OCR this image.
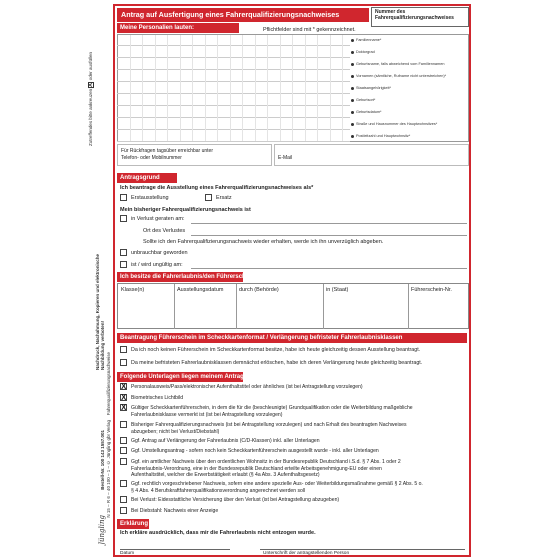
Zutreffendes bitte ankreuzen X oder ausfüllen
Nachdruck, Nachahmung, Kopieren und elektronische Nachbildung verboten!
Bestell-Nr. 100 143 1557.001 N 15 – R 6 – 40 100 – 1 – © Jüngling gbr Verlag
Fahrerqualifizierungsnachweise
Jüngling
Antrag auf Ausfertigung eines Fahrerqualifizierungsnachweises	Nummer des
Fahrerqualifizierungsnachweises
Meine Personalien lauten:	Pflichtfelder sind mit * gekennzeichnet.
Familienname*
Doktorgrad
Geburtsname, falls abweichend vom Familiennamen
Vornamen (sämtliche, Rufname nicht unterstreichen)*
Staatsangehörigkeit*
Geburtsort*
Geburtsdatum*
Straße und Hausnummer des Hauptwohnsitzes*
Postleitzahl und Hauptwohnsitz*
Für Rückfragen tagsüber erreichbar unter
Telefon- oder Mobilnummer	E-Mail
Antragsgrund
Ich beantrage die Ausstellung eines Fahrerqualifizierungsnachweises als*
Erstausstellung	Ersatz
Mein bisheriger Fahrerqualifizierungsnachweis ist
in Verlust geraten am:
Ort des Verlustes
Sollte ich den Fahrerqualifizierungsnachweis wieder erhalten, werde ich ihn unverzüglich abgeben.
unbrauchbar geworden
ist / wird ungültig am:
Ich besitze die Fahrerlaubnis/den Führerschein*
Klasse(n)	Ausstellungsdatum	durch (Behörde)	in (Staat)	Führerschein-Nr.
Beantragung Führerschein im Scheckkartenformat / Verlängerung befristeter Fahrerlaubnisklassen
Da ich noch keinen Führerschein im Scheckkartenformat besitze, habe ich heute gleichzeitig dessen Ausstellung beantragt.
Da meine befristeten Fahrerlaubnisklassen demnächst erlöschen, habe ich deren Verlängerung heute gleichzeitig beantragt.
Folgende Unterlagen liegen meinem Antrag bei
X Personalausweis/Pass/elektronischer Aufenthaltstitel oder ähnliches (ist bei Antragstellung vorzulegen)
X Biometrisches Lichtbild
X Gültiger Scheckkartenführerschein, in dem die für die (beschleunigte) Grundqualifikation oder die Weiterbildung maßgebliche
Fahrerlaubnisklasse vermerkt ist (ist bei Antragstellung vorzulegen)
Bisheriger Fahrerqualifizierungsnachweis (ist bei Antragstellung vorzulegen) und nach Erhalt des beantragten Nachweises
abzugeben; nicht bei Verlust/Diebstahl)
Ggf. Antrag auf Verlängerung der Fahrerlaubnis (C/D-Klassen) inkl. aller Unterlagen
Ggf. Umstellungsantrag - sofern noch kein Scheckkartenführerschein ausgestellt wurde - inkl. aller Unterlagen
Ggf. ein amtlicher Nachweis über den ordentlichen Wohnsitz in der Bundesrepublik Deutschland i.S.d. § 7 Abs. 1 oder 2
Fahrerlaubnis-Verordnung, eine in der Bundesrepublik Deutschland erteilte Arbeitsgenehmigung-EU oder einen
Aufenthaltstitel, welcher die Erwerbstätigkeit erlaubt (§ 4a Abs. 3 Aufenthaltsgesetz)
Ggf. rechtlich vorgeschriebener Nachweis, sofern eine andere spezielle Aus- oder Weiterbildungsmaßnahme gemäß § 2 Abs. 5 o.
§ 4 Abs. 4 Berufskraftfahrerqualifikationsverordnung angerechnet werden soll
Bei Verlust: Eidesstattliche Versicherung über den Verlust (ist bei Antragstellung abzugeben)
Bei Diebstahl: Nachweis einer Anzeige
Erklärung
Ich erkläre ausdrücklich, dass mir die Fahrerlaubnis nicht entzogen wurde.
Datum	Unterschrift der antragstellenden Person
